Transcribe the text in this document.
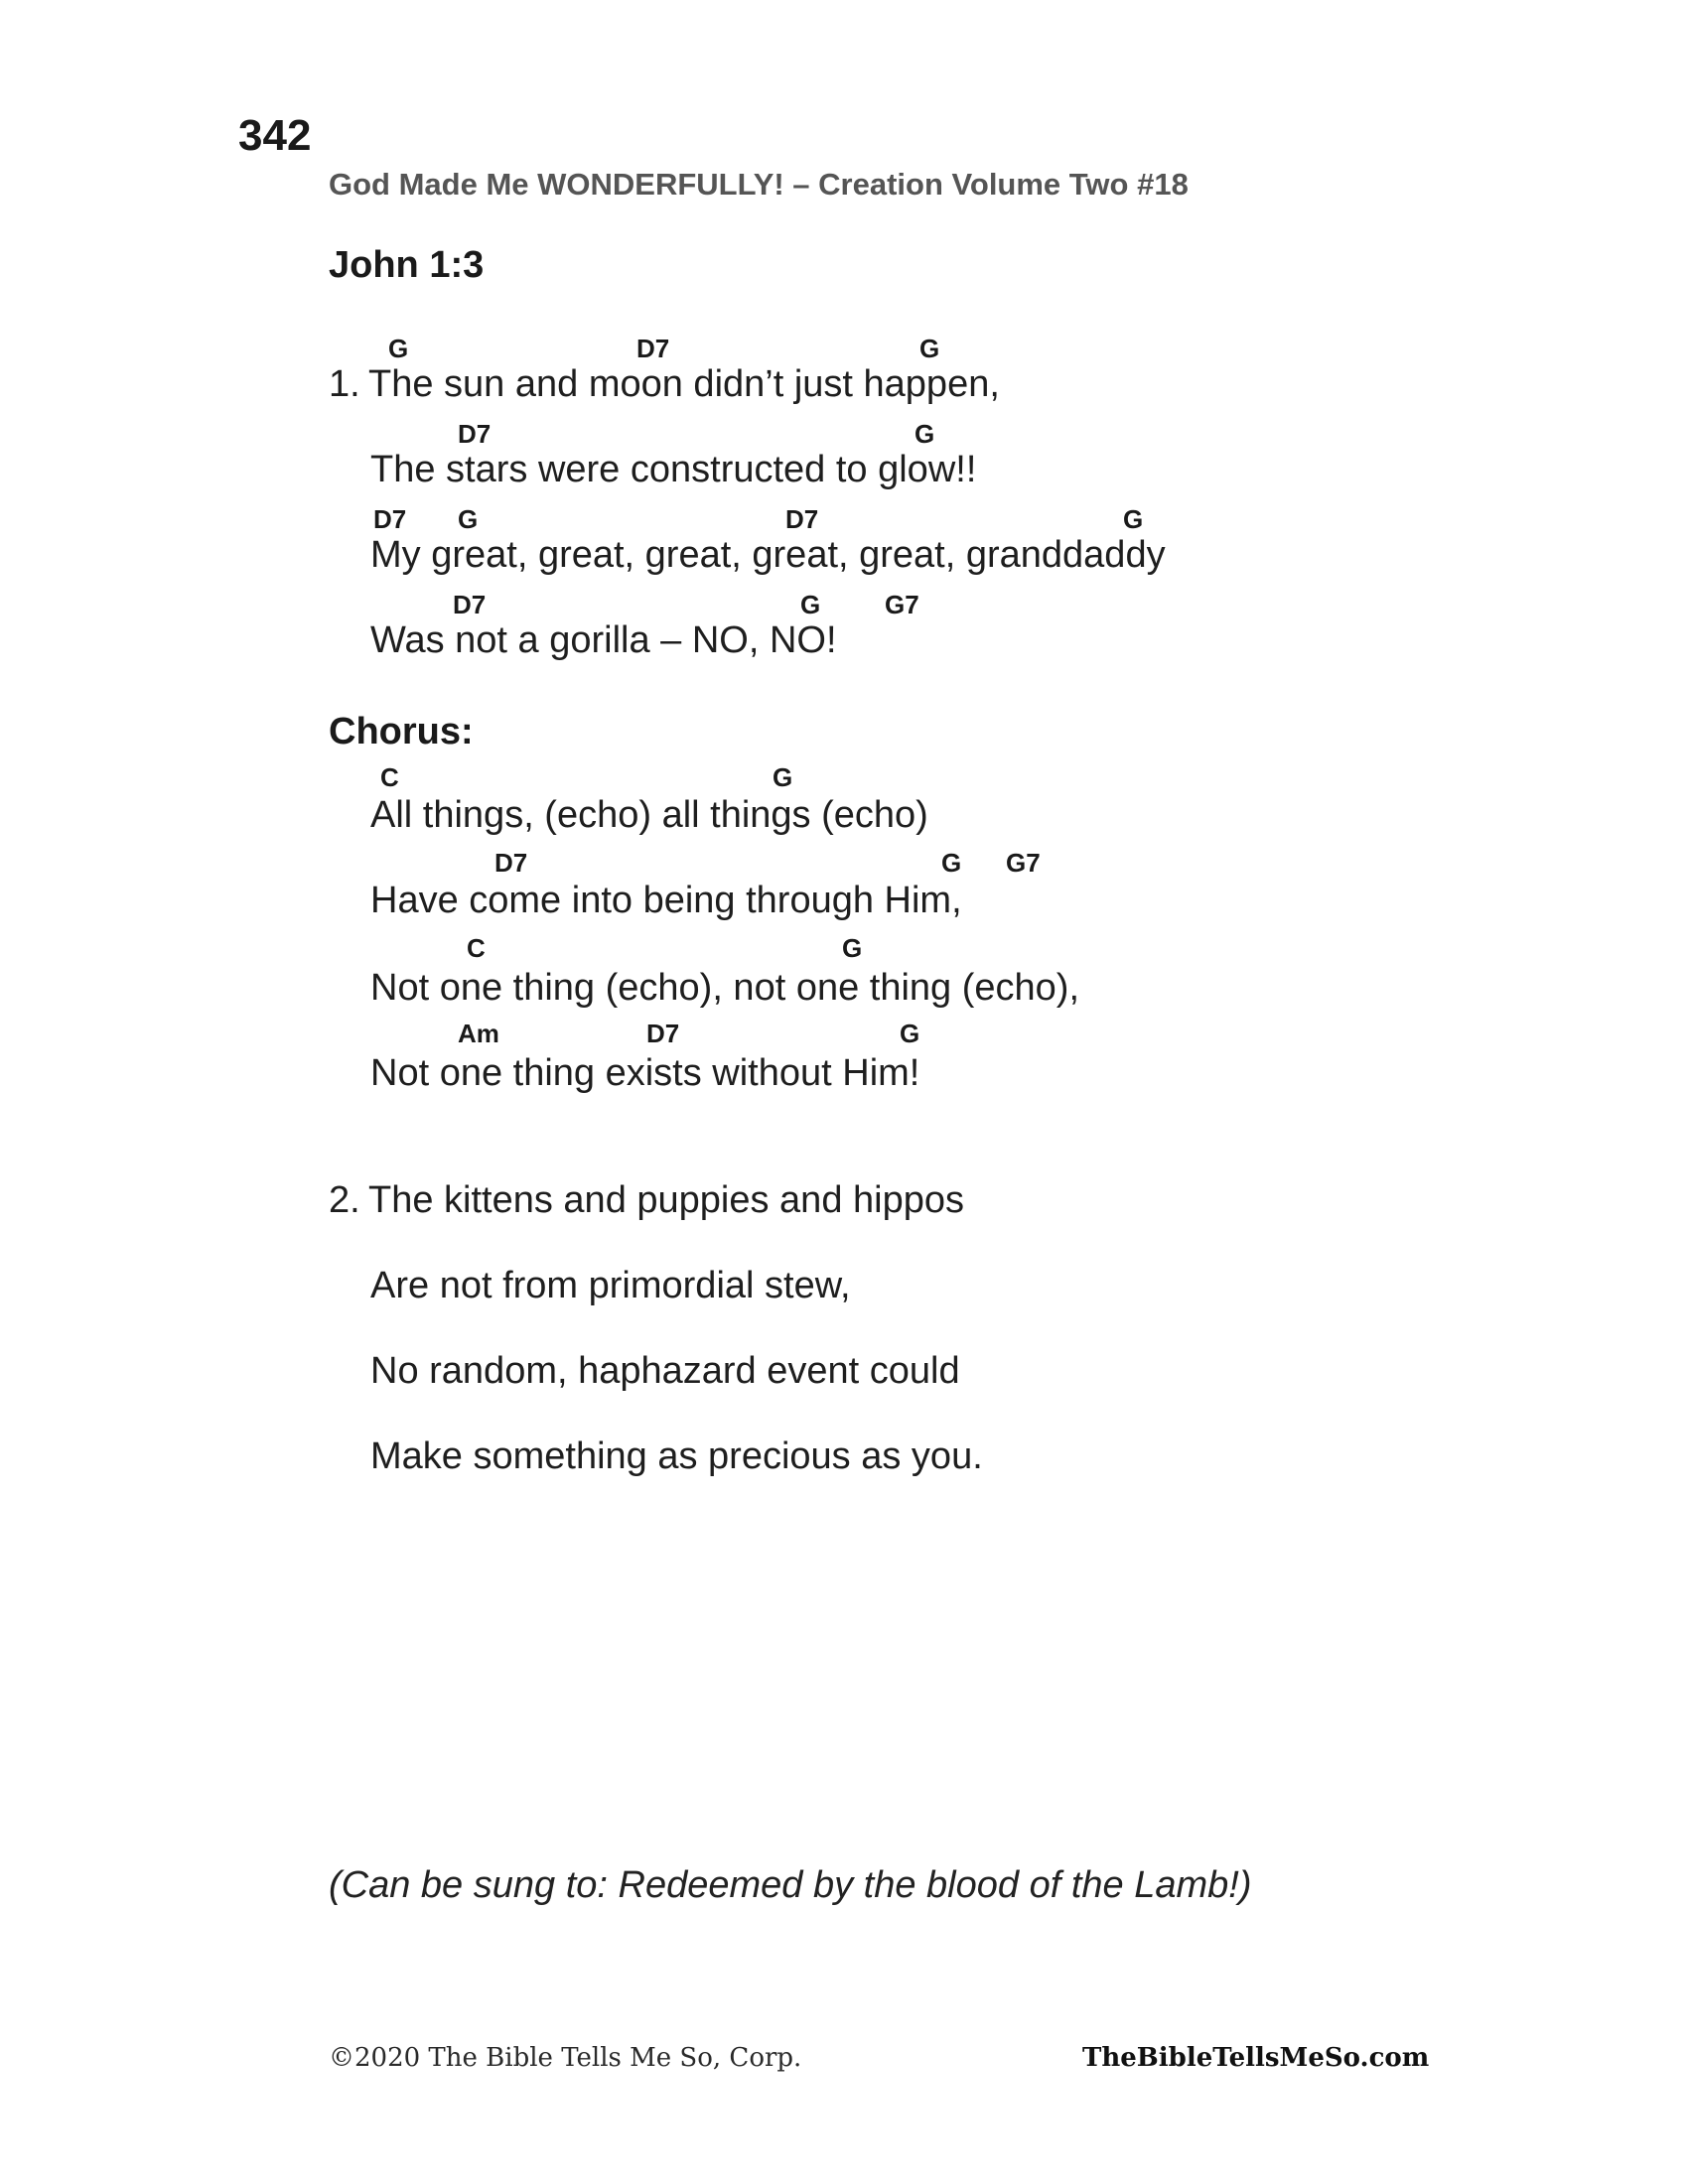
342
God Made Me WONDERFULLY! – Creation Volume Two #18
John 1:3
1.
G	D7	G
The sun and moon didn’t just happen,
D7	G
The stars were constructed to glow!!
D7 G	D7	G
My great, great, great, great, great, granddaddy
D7	G G7
Was not a gorilla – NO, NO!
Chorus:
C	G
All things, (echo) all things (echo)
D7	G G7
Have come into being through Him,
C	G
Not one thing (echo), not one thing (echo),
Am	D7	G
Not one thing exists without Him!
2. The kittens and puppies and hippos
Are not from primordial stew,
No random, haphazard event could
Make something as precious as you.
(Can be sung to: Redeemed by the blood of the Lamb!)
©2020 The Bible Tells Me So, Corp.	TheBibleTellsMeSo.com
